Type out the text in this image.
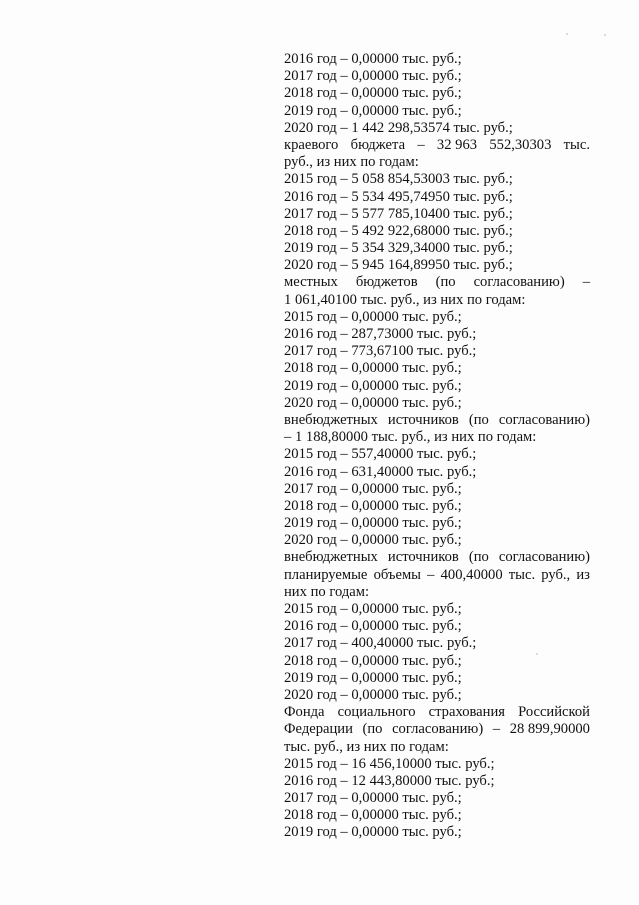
2016 год – 0,00000 тыс. руб.;
2017 год – 0,00000 тыс. руб.;
2018 год – 0,00000 тыс. руб.;
2019 год – 0,00000 тыс. руб.;
2020 год – 1 442 298,53574 тыс. руб.;
краевого бюджета – 32 963 552,30303 тыс.
руб., из них по годам:
2015 год – 5 058 854,53003 тыс. руб.;
2016 год – 5 534 495,74950 тыс. руб.;
2017 год – 5 577 785,10400 тыс. руб.;
2018 год – 5 492 922,68000 тыс. руб.;
2019 год – 5 354 329,34000 тыс. руб.;
2020 год – 5 945 164,89950 тыс. руб.;
местных бюджетов (по согласованию) –
1 061,40100 тыс. руб., из них по годам:
2015 год – 0,00000 тыс. руб.;
2016 год – 287,73000 тыс. руб.;
2017 год – 773,67100 тыс. руб.;
2018 год – 0,00000 тыс. руб.;
2019 год – 0,00000 тыс. руб.;
2020 год – 0,00000 тыс. руб.;
внебюджетных источников (по согласованию)
– 1 188,80000 тыс. руб., из них по годам:
2015 год – 557,40000 тыс. руб.;
2016 год – 631,40000 тыс. руб.;
2017 год – 0,00000 тыс. руб.;
2018 год – 0,00000 тыс. руб.;
2019 год – 0,00000 тыс. руб.;
2020 год – 0,00000 тыс. руб.;
внебюджетных источников (по согласованию)
планируемые объемы – 400,40000 тыс. руб., из
них по годам:
2015 год – 0,00000 тыс. руб.;
2016 год – 0,00000 тыс. руб.;
2017 год – 400,40000 тыс. руб.;
2018 год – 0,00000 тыс. руб.;
2019 год – 0,00000 тыс. руб.;
2020 год – 0,00000 тыс. руб.;
Фонда социального страхования Российской
Федерации (по согласованию) – 28 899,90000
тыс. руб., из них по годам:
2015 год – 16 456,10000 тыс. руб.;
2016 год – 12 443,80000 тыс. руб.;
2017 год – 0,00000 тыс. руб.;
2018 год – 0,00000 тыс. руб.;
2019 год – 0,00000 тыс. руб.;
